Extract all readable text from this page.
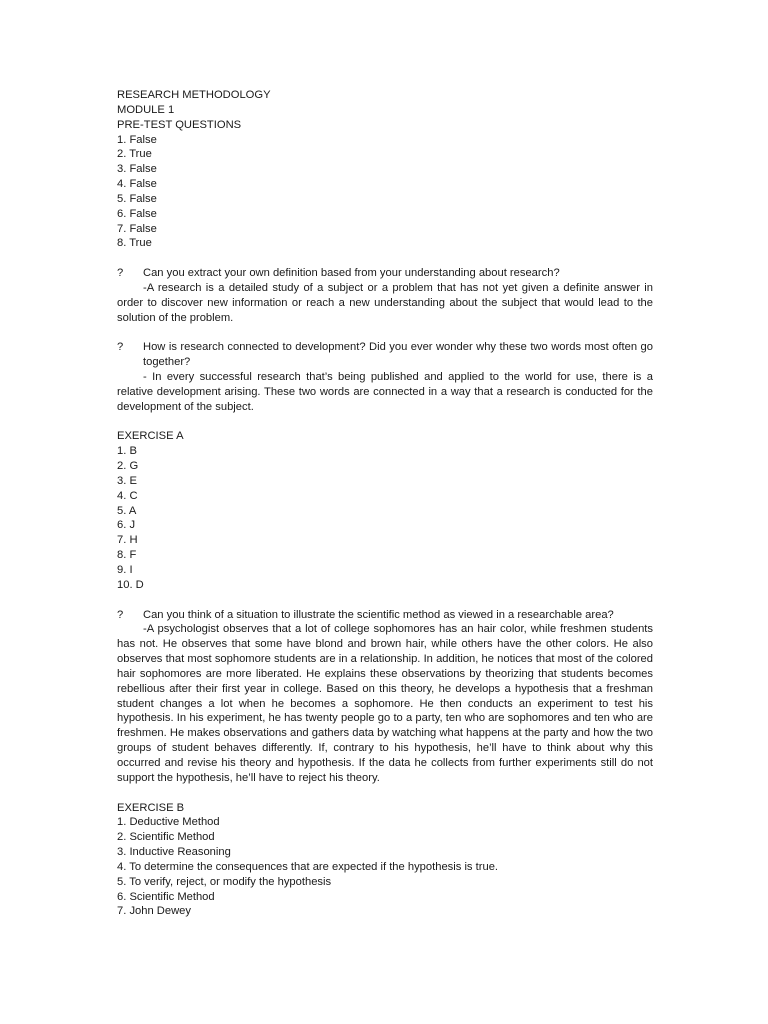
RESEARCH METHODOLOGY
MODULE 1
PRE-TEST QUESTIONS
1. False
2. True
3. False
4. False
5. False
6. False
7. False
8. True
? Can you extract your own definition based from your understanding about research?
-A research is a detailed study of a subject or a problem that has not yet given a definite answer in order to discover new information or reach a new understanding about the subject that would lead to the solution of the problem.
? How is research connected to development? Did you ever wonder why these two words most often go together?
- In every successful research that’s being published and applied to the world for use, there is a relative development arising. These two words are connected in a way that a research is conducted for the development of the subject.
EXERCISE A
1. B
2. G
3. E
4. C
5. A
6. J
7. H
8. F
9. I
10. D
? Can you think of a situation to illustrate the scientific method as viewed in a researchable area?
-A psychologist observes that a lot of college sophomores has an hair color, while freshmen students has not. He observes that some have blond and brown hair, while others have the other colors. He also observes that most sophomore students are in a relationship. In addition, he notices that most of the colored hair sophomores are more liberated. He explains these observations by theorizing that students becomes rebellious after their first year in college. Based on this theory, he develops a hypothesis that a freshman student changes a lot when he becomes a sophomore. He then conducts an experiment to test his hypothesis. In his experiment, he has twenty people go to a party, ten who are sophomores and ten who are freshmen. He makes observations and gathers data by watching what happens at the party and how the two groups of student behaves differently. If, contrary to his hypothesis, he’ll have to think about why this occurred and revise his theory and hypothesis. If the data he collects from further experiments still do not support the hypothesis, he’ll have to reject his theory.
EXERCISE B
1. Deductive Method
2. Scientific Method
3. Inductive Reasoning
4. To determine the consequences that are expected if the hypothesis is true.
5. To verify, reject, or modify the hypothesis
6. Scientific Method
7. John Dewey
